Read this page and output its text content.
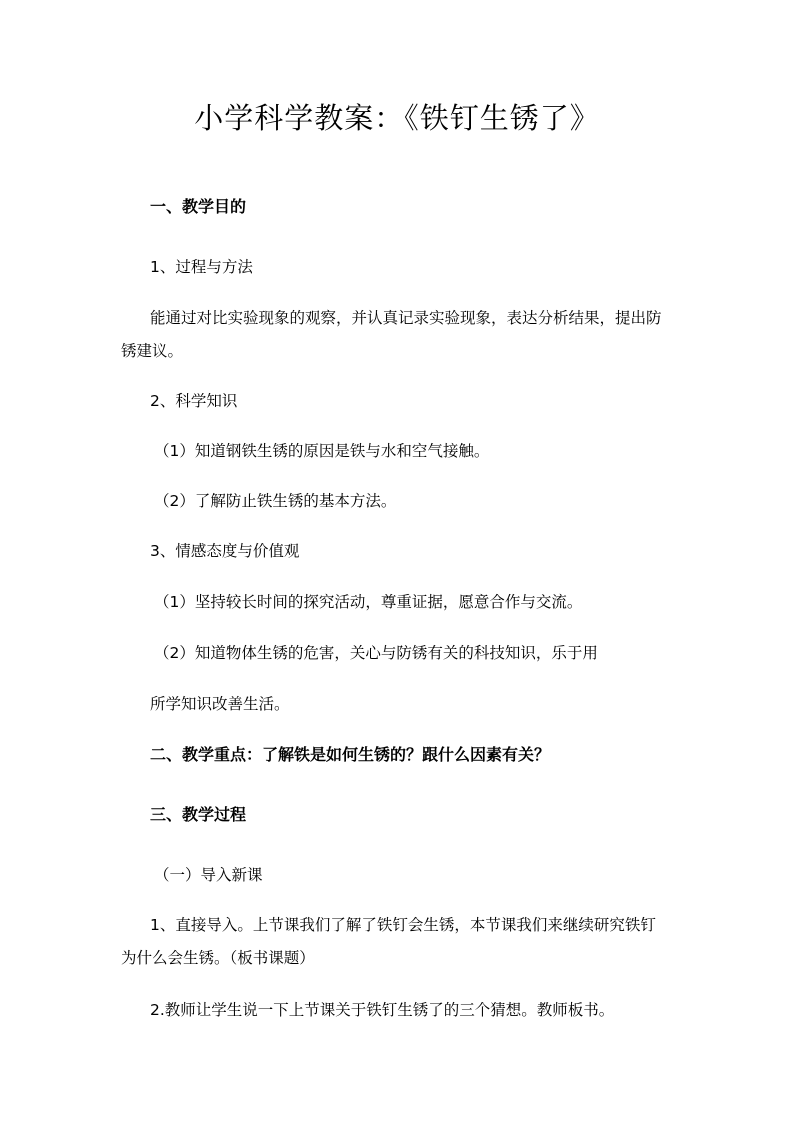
小学科学教案：《铁钉生锈了》
一、教学目的
1、过程与方法
能通过对比实验现象的观察，并认真记录实验现象，表达分析结果，提出防
锈建议。
2、科学知识
（1）知道钢铁生锈的原因是铁与水和空气接触。
（2）了解防止铁生锈的基本方法。
3、情感态度与价值观
（1）坚持较长时间的探究活动，尊重证据，愿意合作与交流。
（2）知道物体生锈的危害，关心与防锈有关的科技知识，乐于用
所学知识改善生活。
二、教学重点：了解铁是如何生锈的？跟什么因素有关？
三、教学过程
（一）导入新课
1、直接导入。上节课我们了解了铁钉会生锈，本节课我们来继续研究铁钉
为什么会生锈。（板书课题）
2.教师让学生说一下上节课关于铁钉生锈了的三个猜想。教师板书。
